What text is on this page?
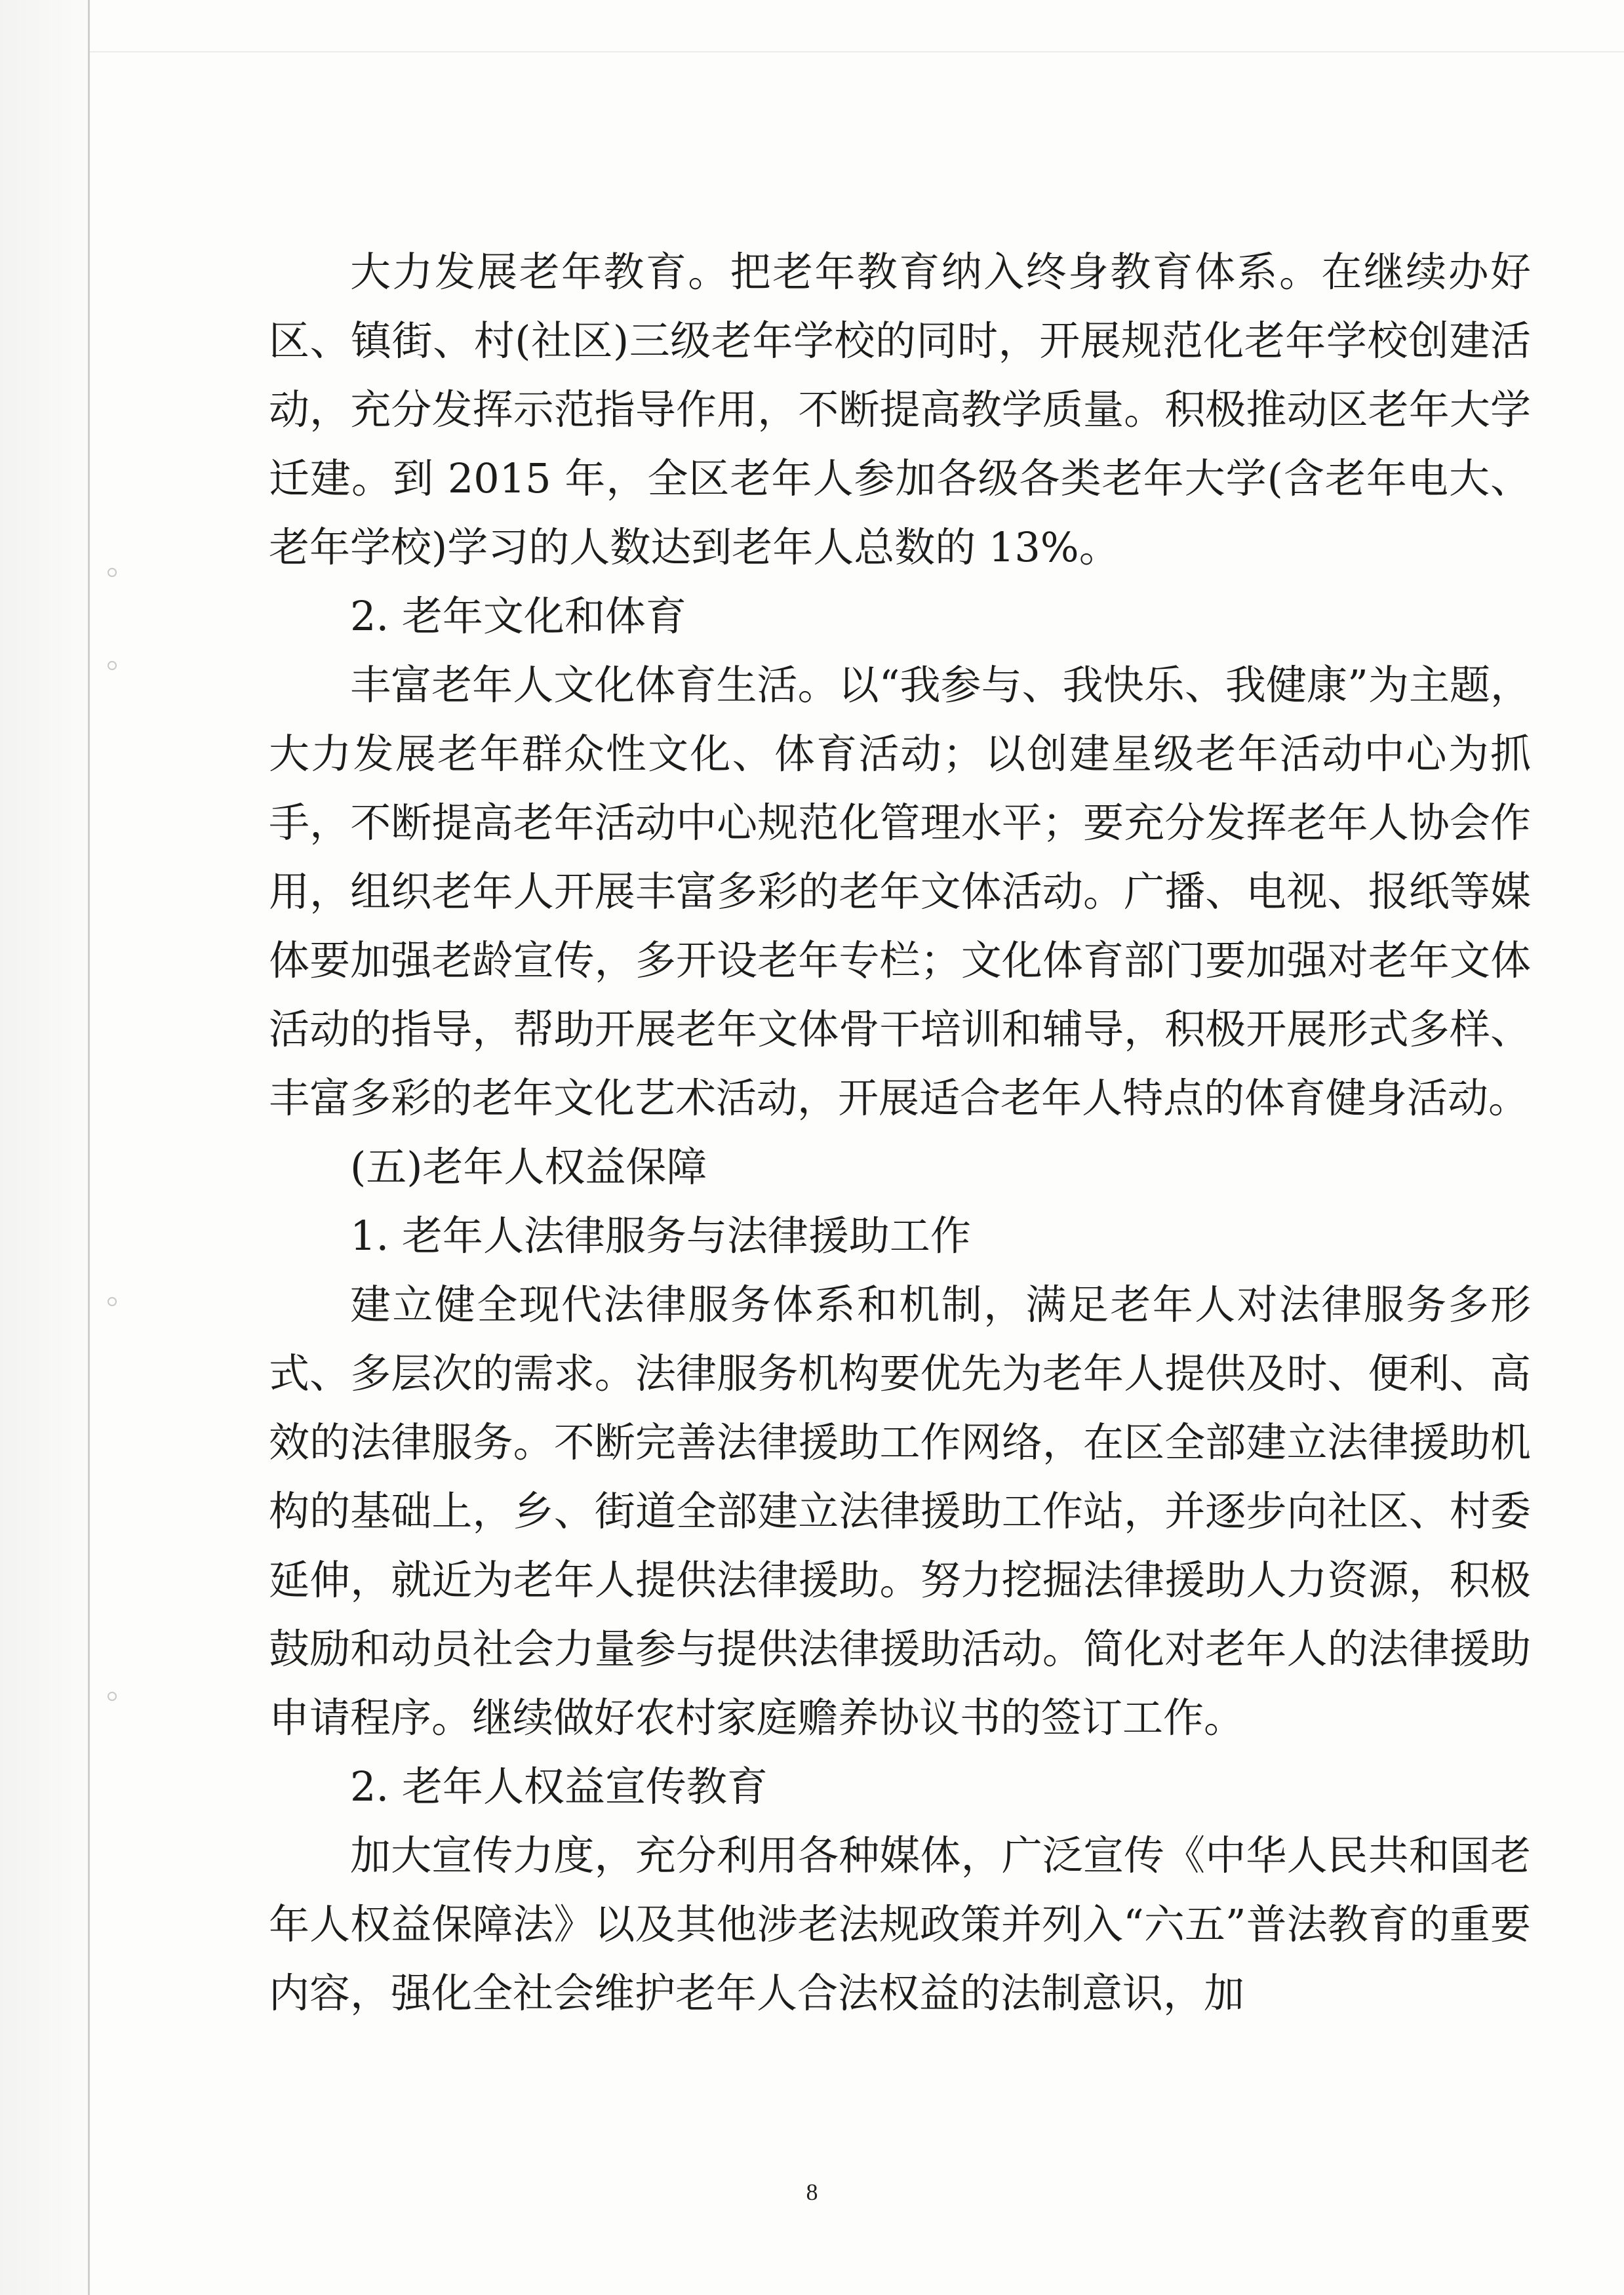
大力发展老年教育。把老年教育纳入终身教育体系。在继续办好区、镇街、村(社区)三级老年学校的同时，开展规范化老年学校创建活动，充分发挥示范指导作用，不断提高教学质量。积极推动区老年大学迁建。到 2015 年，全区老年人参加各级各类老年大学(含老年电大、老年学校)学习的人数达到老年人总数的 13%。

2. 老年文化和体育

丰富老年人文化体育生活。以“我参与、我快乐、我健康”为主题，大力发展老年群众性文化、体育活动；以创建星级老年活动中心为抓手，不断提高老年活动中心规范化管理水平；要充分发挥老年人协会作用，组织老年人开展丰富多彩的老年文体活动。广播、电视、报纸等媒体要加强老龄宣传，多开设老年专栏；文化体育部门要加强对老年文体活动的指导，帮助开展老年文体骨干培训和辅导，积极开展形式多样、丰富多彩的老年文化艺术活动，开展适合老年人特点的体育健身活动。

(五)老年人权益保障

1. 老年人法律服务与法律援助工作

建立健全现代法律服务体系和机制，满足老年人对法律服务多形式、多层次的需求。法律服务机构要优先为老年人提供及时、便利、高效的法律服务。不断完善法律援助工作网络，在区全部建立法律援助机构的基础上，乡、街道全部建立法律援助工作站，并逐步向社区、村委延伸，就近为老年人提供法律援助。努力挖掘法律援助人力资源，积极鼓励和动员社会力量参与提供法律援助活动。简化对老年人的法律援助申请程序。继续做好农村家庭赡养协议书的签订工作。

2. 老年人权益宣传教育

加大宣传力度，充分利用各种媒体，广泛宣传《中华人民共和国老年人权益保障法》以及其他涉老法规政策并列入“六五”普法教育的重要内容，强化全社会维护老年人合法权益的法制意识，加

8
